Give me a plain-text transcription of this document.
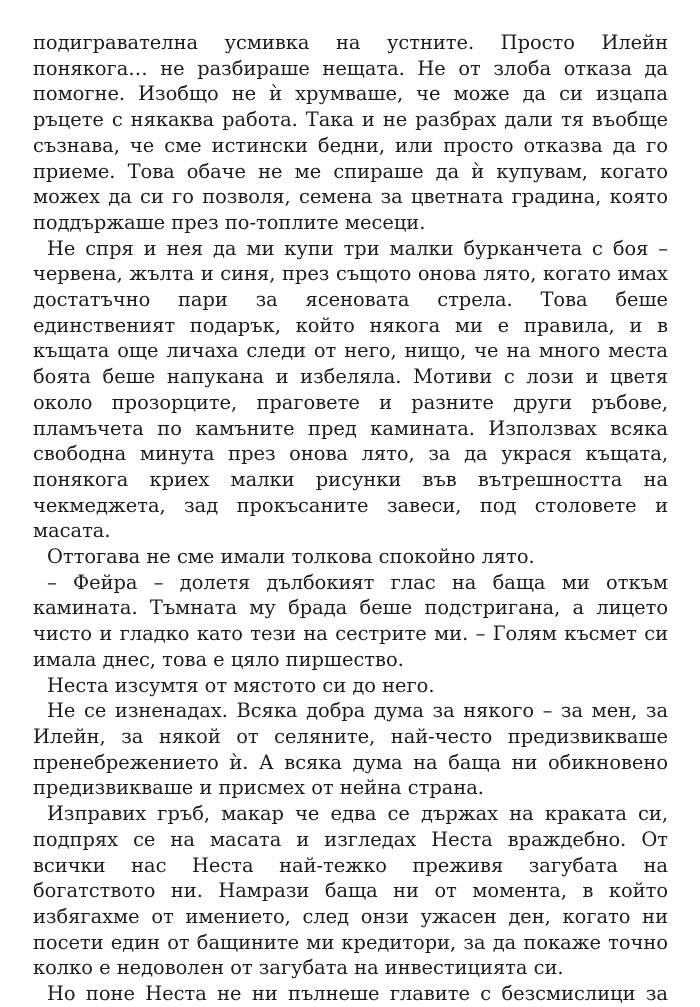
подигравателна усмивка на устните. Просто Илейн понякога… не разбираше нещата. Не от злоба отказа да помогне. Изобщо не ѝ хрумваше, че може да си изцапа ръцете с някаква работа. Така и не разбрах дали тя въобще съзнава, че сме истински бедни, или просто отказва да го приеме. Това обаче не ме спираше да ѝ купувам, когато можех да си го позволя, семена за цветната градина, която поддържаше през по-топлите месеци.

Не спря и нея да ми купи три малки бурканчета с боя – червена, жълта и синя, през същото онова лято, когато имах достатъчно пари за ясеновата стрела. Това беше единственият подарък, който някога ми е правила, и в къщата още личаха следи от него, нищо, че на много места боята беше напукана и избеляла. Мотиви с лози и цветя около прозорците, праговете и разните други ръбове, пламъчета по камъните пред камината. Използвах всяка свободна минута през онова лято, за да украся къщата, понякога криех малки рисунки във вътрешността на чекмеджета, зад прокъсаните завеси, под столовете и масата.

Оттогава не сме имали толкова спокойно лято.

– Фейра – долетя дълбокият глас на баща ми откъм камината. Тъмната му брада беше подстригана, а лицето чисто и гладко като тези на сестрите ми. – Голям късмет си имала днес, това е цяло пиршество.

Неста изсумтя от мястото си до него.

Не се изненадах. Всяка добра дума за някого – за мен, за Илейн, за някой от селяните, най-често предизвикваше пренебрежението ѝ. А всяка дума на баща ни обикновено предизвикваше и присмех от нейна страна.

Изправих гръб, макар че едва се държах на краката си, подпрях се на масата и изгледах Неста враждебно. От всички нас Неста най-тежко преживя загубата на богатството ни. Намрази баща ни от момента, в който избягахме от имението, след онзи ужасен ден, когато ни посети един от бащините ми кредитори, за да покаже точно колко е недоволен от загубата на инвестицията си.

Но поне Неста не ни пълнеше главите с безсмислици за
